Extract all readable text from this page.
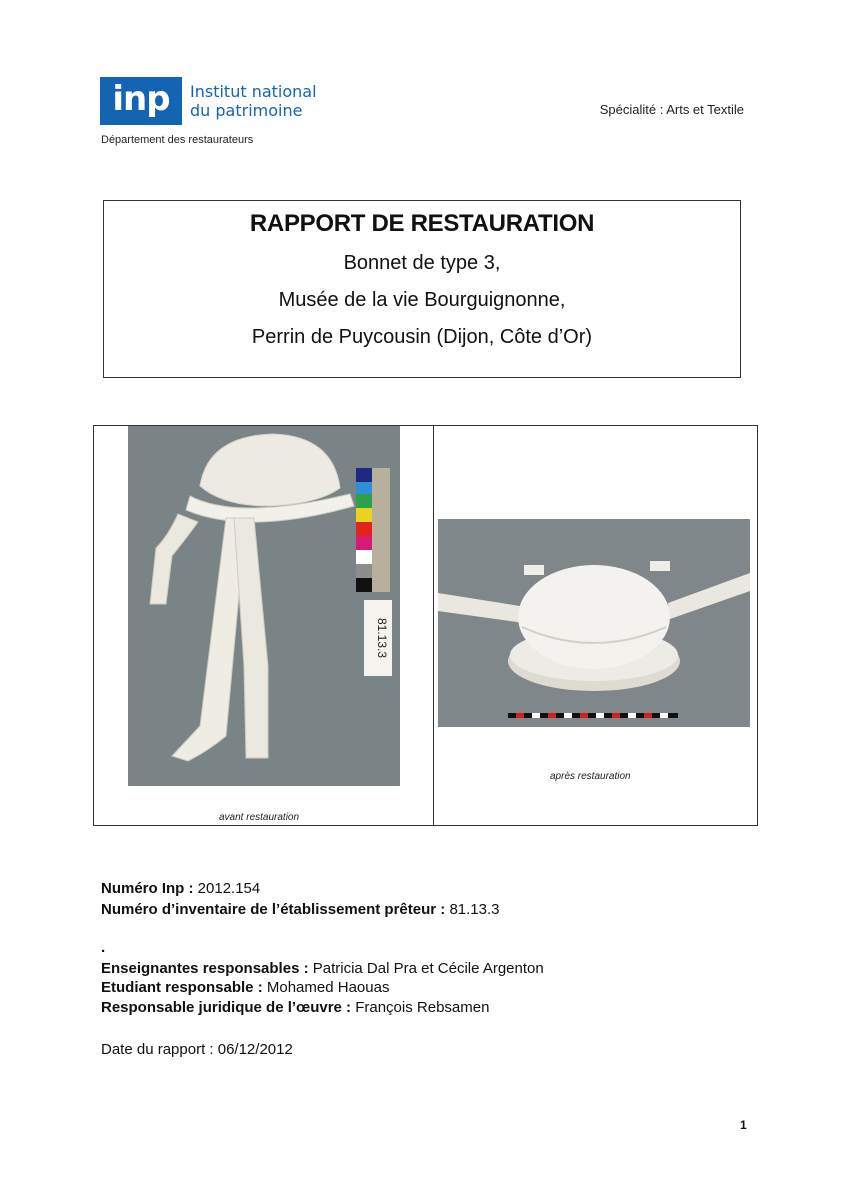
inp	Institut national
du patrimoine
Département des restaurateurs
Spécialité : Arts et Textile
RAPPORT DE RESTAURATION
Bonnet de type 3,
Musée de la vie Bourguignonne,
Perrin de Puycousin (Dijon, Côte d’Or)
81.13.3
avant restauration
après restauration
Numéro Inp : 2012.154
Numéro d’inventaire de l’établissement prêteur : 81.13.3
.
Enseignantes responsables : Patricia Dal Pra et Cécile Argenton
Etudiant responsable : Mohamed Haouas
Responsable juridique de l’œuvre : François Rebsamen
Date du rapport : 06/12/2012
1
